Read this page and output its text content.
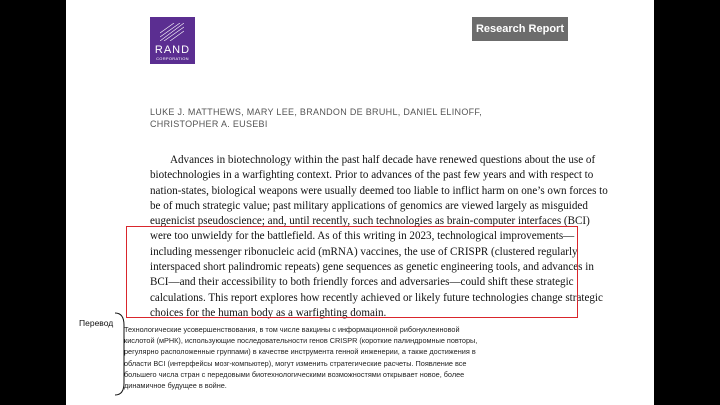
RAND
CORPORATION
Research Report
LUKE J. MATTHEWS, MARY LEE, BRANDON DE BRUHL, DANIEL ELINOFF,
CHRISTOPHER A. EUSEBI

Advances in biotechnology within the past half decade have renewed questions about the use of
biotechnologies in a warfighting context. Prior to advances of the past few years and with respect to
nation-states, biological weapons were usually deemed too liable to inflict harm on one’s own forces to
be of much strategic value; past military applications of genomics are viewed largely as misguided
eugenicist pseudoscience; and, until recently, such technologies as brain-computer interfaces (BCI)
were too unwieldy for the battlefield. As of this writing in 2023, technological improvements—
including messenger ribonucleic acid (mRNA) vaccines, the use of CRISPR (clustered regularly
interspaced short palindromic repeats) gene sequences as genetic engineering tools, and advances in
BCI—and their accessibility to both friendly forces and adversaries—could shift these strategic
calculations. This report explores how recently achieved or likely future technologies change strategic
choices for the human body as a warfighting domain.

Перевод
Технологические усовершенствования, в том числе вакцины с информационной рибонуклеиновой
кислотой (мРНК), использующие последовательности генов CRISPR (короткие палиндромные повторы,
регулярно расположенные группами) в качестве инструмента генной инженерии, а также достижения в
области BCI (интерфейсы мозг-компьютер), могут изменить стратегические расчеты. Появление все
большего числа стран с передовыми биотехнологическими возможностями открывает новое, более
динамичное будущее в войне.
